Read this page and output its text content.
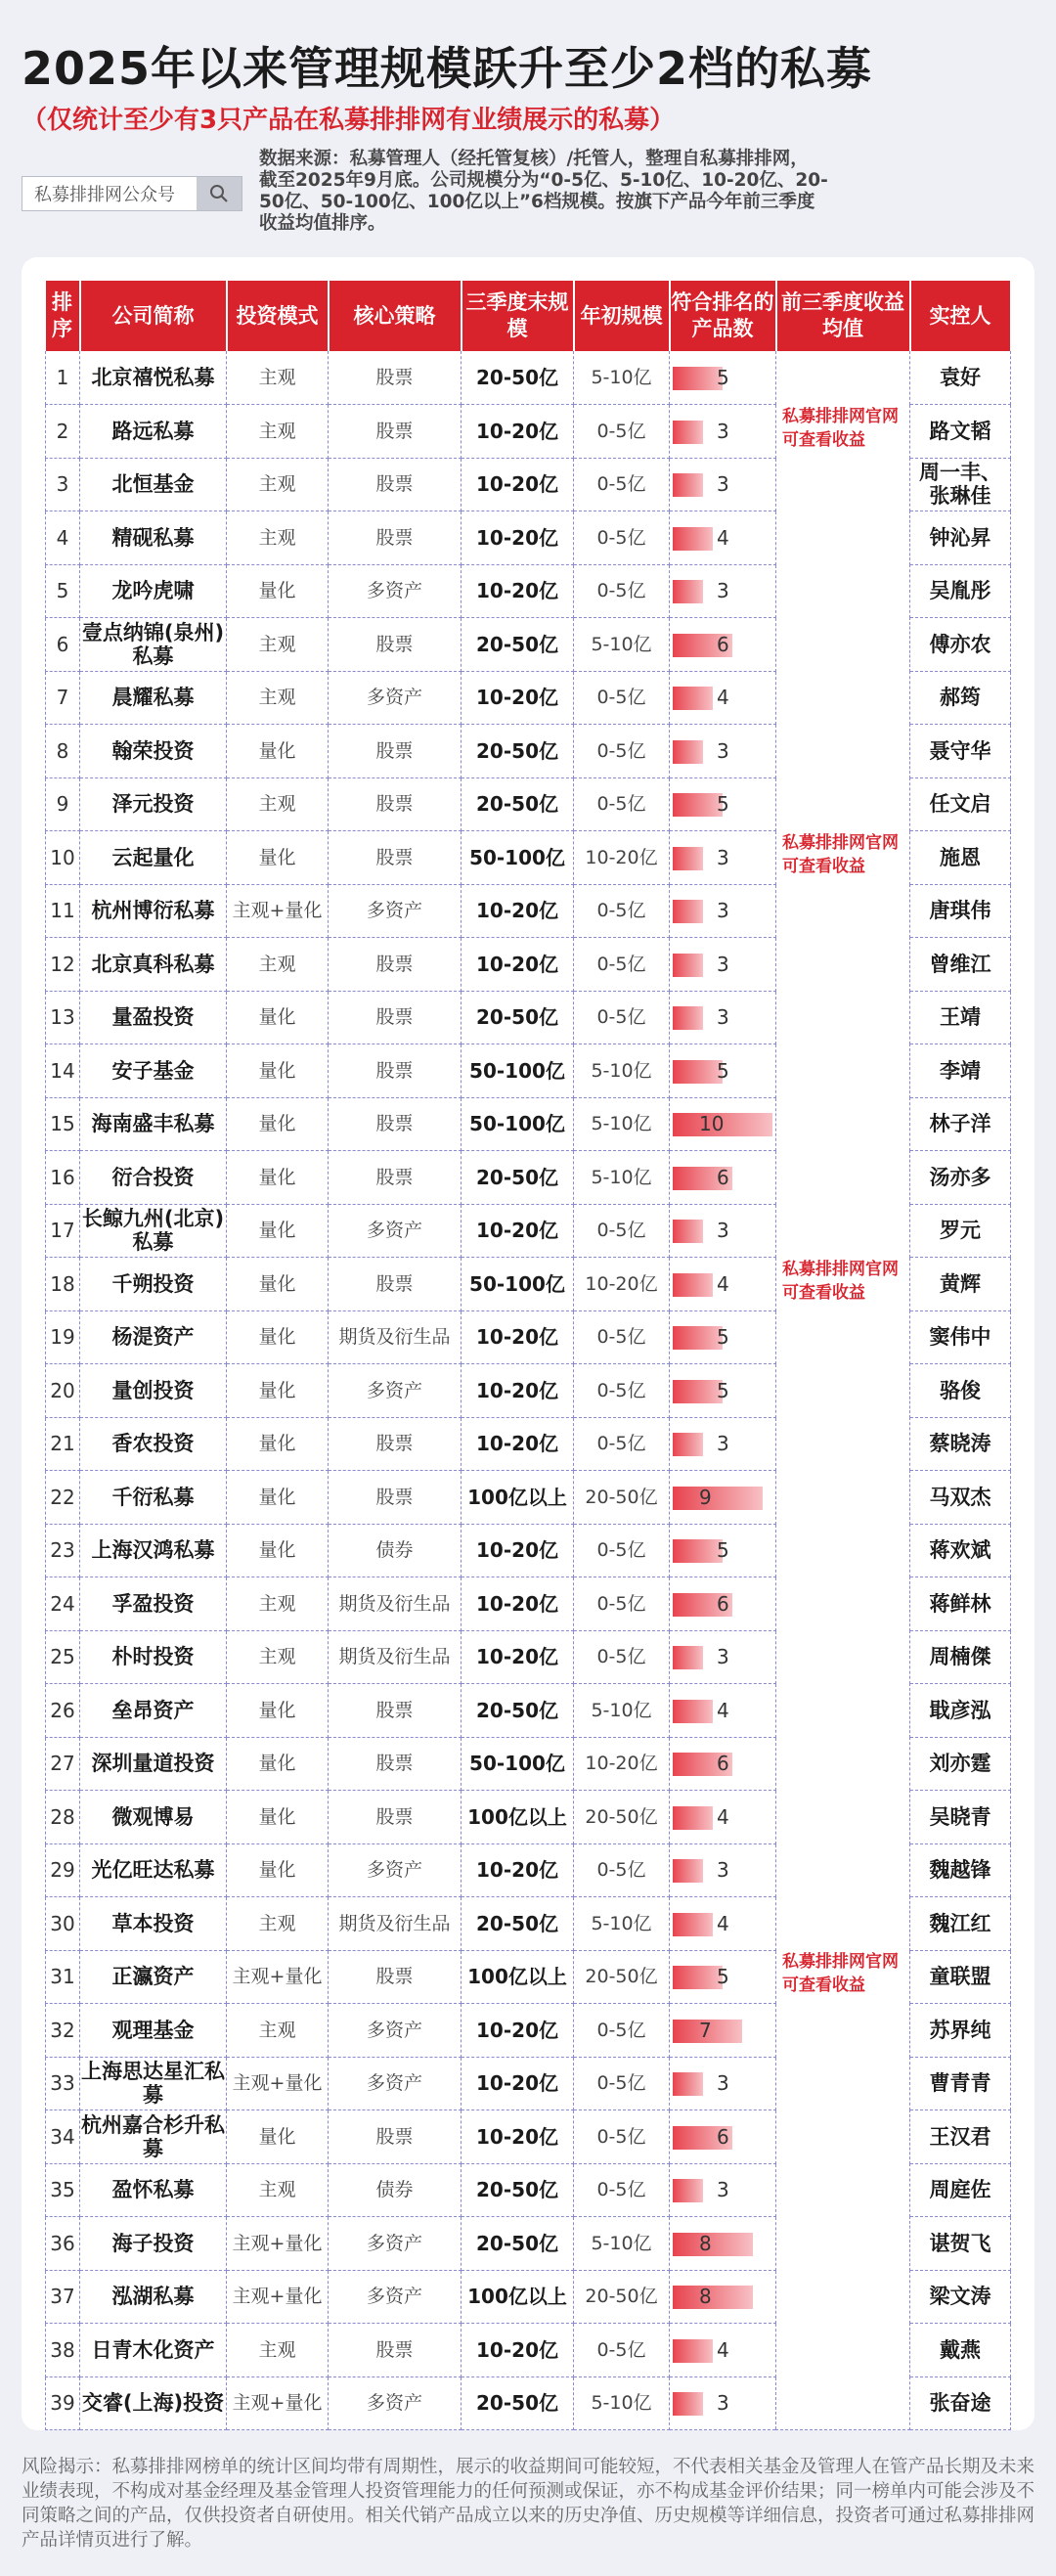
2025年以来管理规模跃升至少2档的私募
（仅统计至少有3只产品在私募排排网有业绩展示的私募）
私募排排网公众号
数据来源：私募管理人（经托管复核）/托管人，整理自私募排排网，
截至2025年9月底。公司规模分为“0-5亿、5-10亿、10-20亿、20-
50亿、50-100亿、100亿以上”6档规模。按旗下产品今年前三季度
收益均值排序。
排序	公司简称	投资模式	核心策略	三季度末规模	年初规模	符合排名的产品数	前三季度收益均值	实控人
1	北京禧悦私募	主观	股票	20-50亿	5-10亿	5		袁好
2	路远私募	主观	股票	10-20亿	0-5亿	3	私募排排网官网可查看收益	路文韬
3	北恒基金	主观	股票	10-20亿	0-5亿	3		周一丰、张琳佳
4	精砚私募	主观	股票	10-20亿	0-5亿	4		钟沁昇
5	龙吟虎啸	量化	多资产	10-20亿	0-5亿	3		吴胤彤
6	壹点纳锦(泉州)私募	主观	股票	20-50亿	5-10亿	6		傅亦农
7	晨耀私募	主观	多资产	10-20亿	0-5亿	4		郝筠
8	翰荣投资	量化	股票	20-50亿	0-5亿	3		聂守华
9	泽元投资	主观	股票	20-50亿	0-5亿	5		任文启
10	云起量化	量化	股票	50-100亿	10-20亿	3	私募排排网官网可查看收益	施恩
11	杭州博衍私募	主观+量化	多资产	10-20亿	0-5亿	3		唐琪伟
12	北京真科私募	主观	股票	10-20亿	0-5亿	3		曾维江
13	量盈投资	量化	股票	20-50亿	0-5亿	3		王靖
14	安子基金	量化	股票	50-100亿	5-10亿	5		李靖
15	海南盛丰私募	量化	股票	50-100亿	5-10亿	10		林子洋
16	衍合投资	量化	股票	20-50亿	5-10亿	6		汤亦多
17	长鲸九州(北京)私募	量化	多资产	10-20亿	0-5亿	3		罗元
18	千朔投资	量化	股票	50-100亿	10-20亿	4	私募排排网官网可查看收益	黄辉
19	杨湜资产	量化	期货及衍生品	10-20亿	0-5亿	5		窦伟中
20	量创投资	量化	多资产	10-20亿	0-5亿	5		骆俊
21	香农投资	量化	股票	10-20亿	0-5亿	3		蔡晓涛
22	千衍私募	量化	股票	100亿以上	20-50亿	9		马双杰
23	上海汉鸿私募	量化	债券	10-20亿	0-5亿	5		蒋欢斌
24	孚盈投资	主观	期货及衍生品	10-20亿	0-5亿	6		蒋鲜林
25	朴时投资	主观	期货及衍生品	10-20亿	0-5亿	3		周楠傑
26	垒昂资产	量化	股票	20-50亿	5-10亿	4		戢彦泓
27	深圳量道投资	量化	股票	50-100亿	10-20亿	6		刘亦霆
28	微观博易	量化	股票	100亿以上	20-50亿	4		吴晓青
29	光亿旺达私募	量化	多资产	10-20亿	0-5亿	3		魏越锋
30	草本投资	主观	期货及衍生品	20-50亿	5-10亿	4		魏江红
31	正瀛资产	主观+量化	股票	100亿以上	20-50亿	5	私募排排网官网可查看收益	童联盟
32	观理基金	主观	多资产	10-20亿	0-5亿	7		苏界纯
33	上海思达星汇私募	主观+量化	多资产	10-20亿	0-5亿	3		曹青青
34	杭州嘉合杉升私募	量化	股票	10-20亿	0-5亿	6		王汉君
35	盈怀私募	主观	债券	20-50亿	0-5亿	3		周庭佐
36	海子投资	主观+量化	多资产	20-50亿	5-10亿	8		谌贺飞
37	泓湖私募	主观+量化	多资产	100亿以上	20-50亿	8		梁文涛
38	日青木化资产	主观	股票	10-20亿	0-5亿	4		戴燕
39	交睿(上海)投资	主观+量化	多资产	20-50亿	5-10亿	3		张奋途
风险揭示：私募排排网榜单的统计区间均带有周期性，展示的收益期间可能较短，不代表相关基金及管理人在管产品长期及未来业绩表现，不构成对基金经理及基金管理人投资管理能力的任何预测或保证，亦不构成基金评价结果；同一榜单内可能会涉及不同策略之间的产品，仅供投资者自研使用。相关代销产品成立以来的历史净值、历史规模等详细信息，投资者可通过私募排排网产品详情页进行了解。
